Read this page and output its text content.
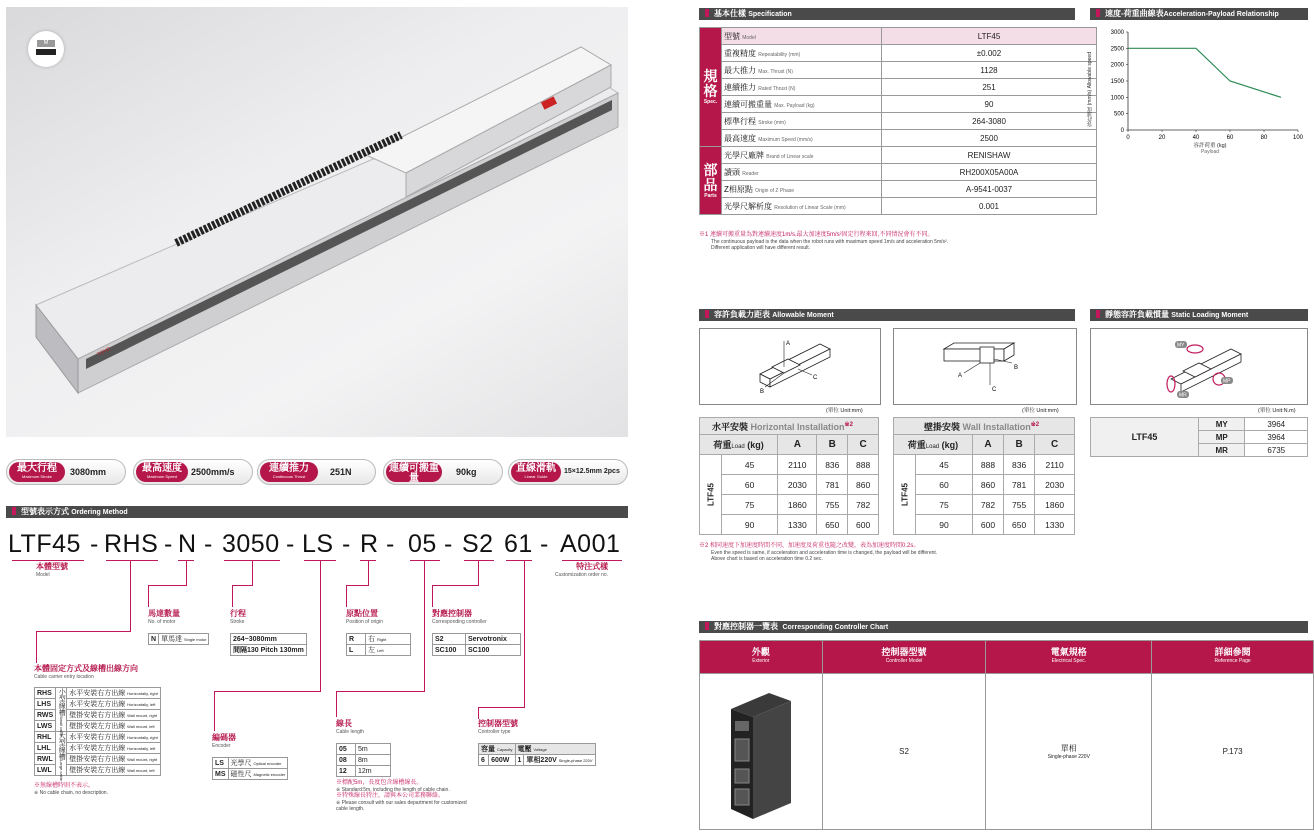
M
TOYO
最大行程
Maximum Stroke	3080mm	最高速度
Maximum Speed	2500mm/s	連續推力
Continuous Thrust	251N	連續可搬重量
Continuous Payload
90kg	直線滑軌
Linear Guide
15×12.5mm 2pcs
型號表示方式 Ordering Method
LTF45 - RHS - N - 3050 - LS - R - 05 - S2 61 - A001
本體型號
Model
特注式樣
Customization order no.
馬達數量
No. of motor
N	單馬達 Single motor
行程
Stroke
264~3080mm
間隔130 Pitch 130mm
原點位置
Position of origin
R	右 Right
L	左 Left
對應控制器
Corresponding controller
S2	Servotronix
SC100	SC100
本體固定方式及線槽出線方向
Cable carrier entry location
RHS	小型線槽Small cable	水平安裝右方出線 Horizontally, right
LHS		水平安裝左方出線 Horizontally, left
RWS		壁掛安裝右方出線 Wall mount, right
LWS		壁掛安裝左方出線 Wall mount, left
RHL	大型線槽Large cable	水平安裝右方出線 Horizontally, right
LHL		水平安裝左方出線 Horizontally, left
RWL		壁掛安裝右方出線 Wall mount, right
LWL		壁掛安裝左方出線 Wall mount, left
※無線槽時則不表示。
※ No cable chain, no description.
編碼器
Encoder
LS	光學尺 Optical encoder
MS	磁性尺 Magnetic encoder
線長
Cable length
05	5m
08	8m
12	12m
※標配5m，長度包含線槽線長。
※ Standard:5m, including the length of cable chain.
※特殊線長特注，請與本公司業務聯絡。
※ Please consult with our sales department for customized cable length.
控制器型號
Controller type
容量 Capacity		電壓 Voltage	
6	600W	1	單相220V Single-phase 220V
基本仕樣 Specification
規格
Spec.	型號 Model	LTF45
	重複精度 Repeatability (mm)	±0.002
	最大推力 Max. Thrust (N)	1128
	連續推力 Rated Thrust (N)	251
	連續可搬重量 Max. Payload (kg)	90
	標準行程 Stroke (mm)	264-3080
	最高速度 Maximum Speed (mm/s)	2500
部品
Parts	光學尺廠牌 Brand of Linear scale	RENISHAW
	讀頭 Reader	RH200X05A00A
	Z相原點 Origin of Z Phase	A-9541-0037
	光學尺解析度 Resolution of Linear Scale (mm)	0.001
※1 連續可搬重量為對連續速度1m/s,最大加速度5m/s²固定行程來回,不同情況會有不同。
The continuous payload is the data when the robot runs with maximum speed 1m/s and acceleration 5m/s².
Different application will have different result.
速度-荷重曲線表Acceleration-Payload Relationship
0
500
1000
1500
2000
2500
3000
0	20	40	60	80	100
容許速度 (mm/s) Allowable speed
容許荷重 (kg)
Payload
容許負載力距表 Allowable Moment
A
B
C	A
B
C
(單位 Unit:mm)	(單位 Unit:mm)
水平安裝 Horizontal Installation$^{※2}$
荷重Load (kg)		A	B	C
LTF45	45	2110	836	888
	60	2030	781	860
	75	1860	755	782
	90	1330	650	600
壁掛安裝 Wall Installation$^{※2}$
荷重Load (kg)		A	B	C
LTF45	45	888	836	2110
	60	860	781	2030
	75	782	755	1860
	90	600	650	1330
※2 相同速度下加速度時間不同，加速度及荷重也隨之改變，表為加速度時間0.2s。
Even the speed is same, if acceleration and acceleration time is changed, the payload will be different.
Above chart is based on acceleration time 0.2 sec.
靜態容許負載慣量 Static Loading Moment
MY
MP
MR
(單位 Unit:N.m)
LTF45	MY	3964
	MP	3964
	MR	6735
對應控制器一覽表 Corresponding Controller Chart
外觀
Exterior	控制器型號
Controller Model	電氣規格
Electrical Spec.	詳細參閱
Reference Page

	S2	單相
Single-phase 220V	P.173
